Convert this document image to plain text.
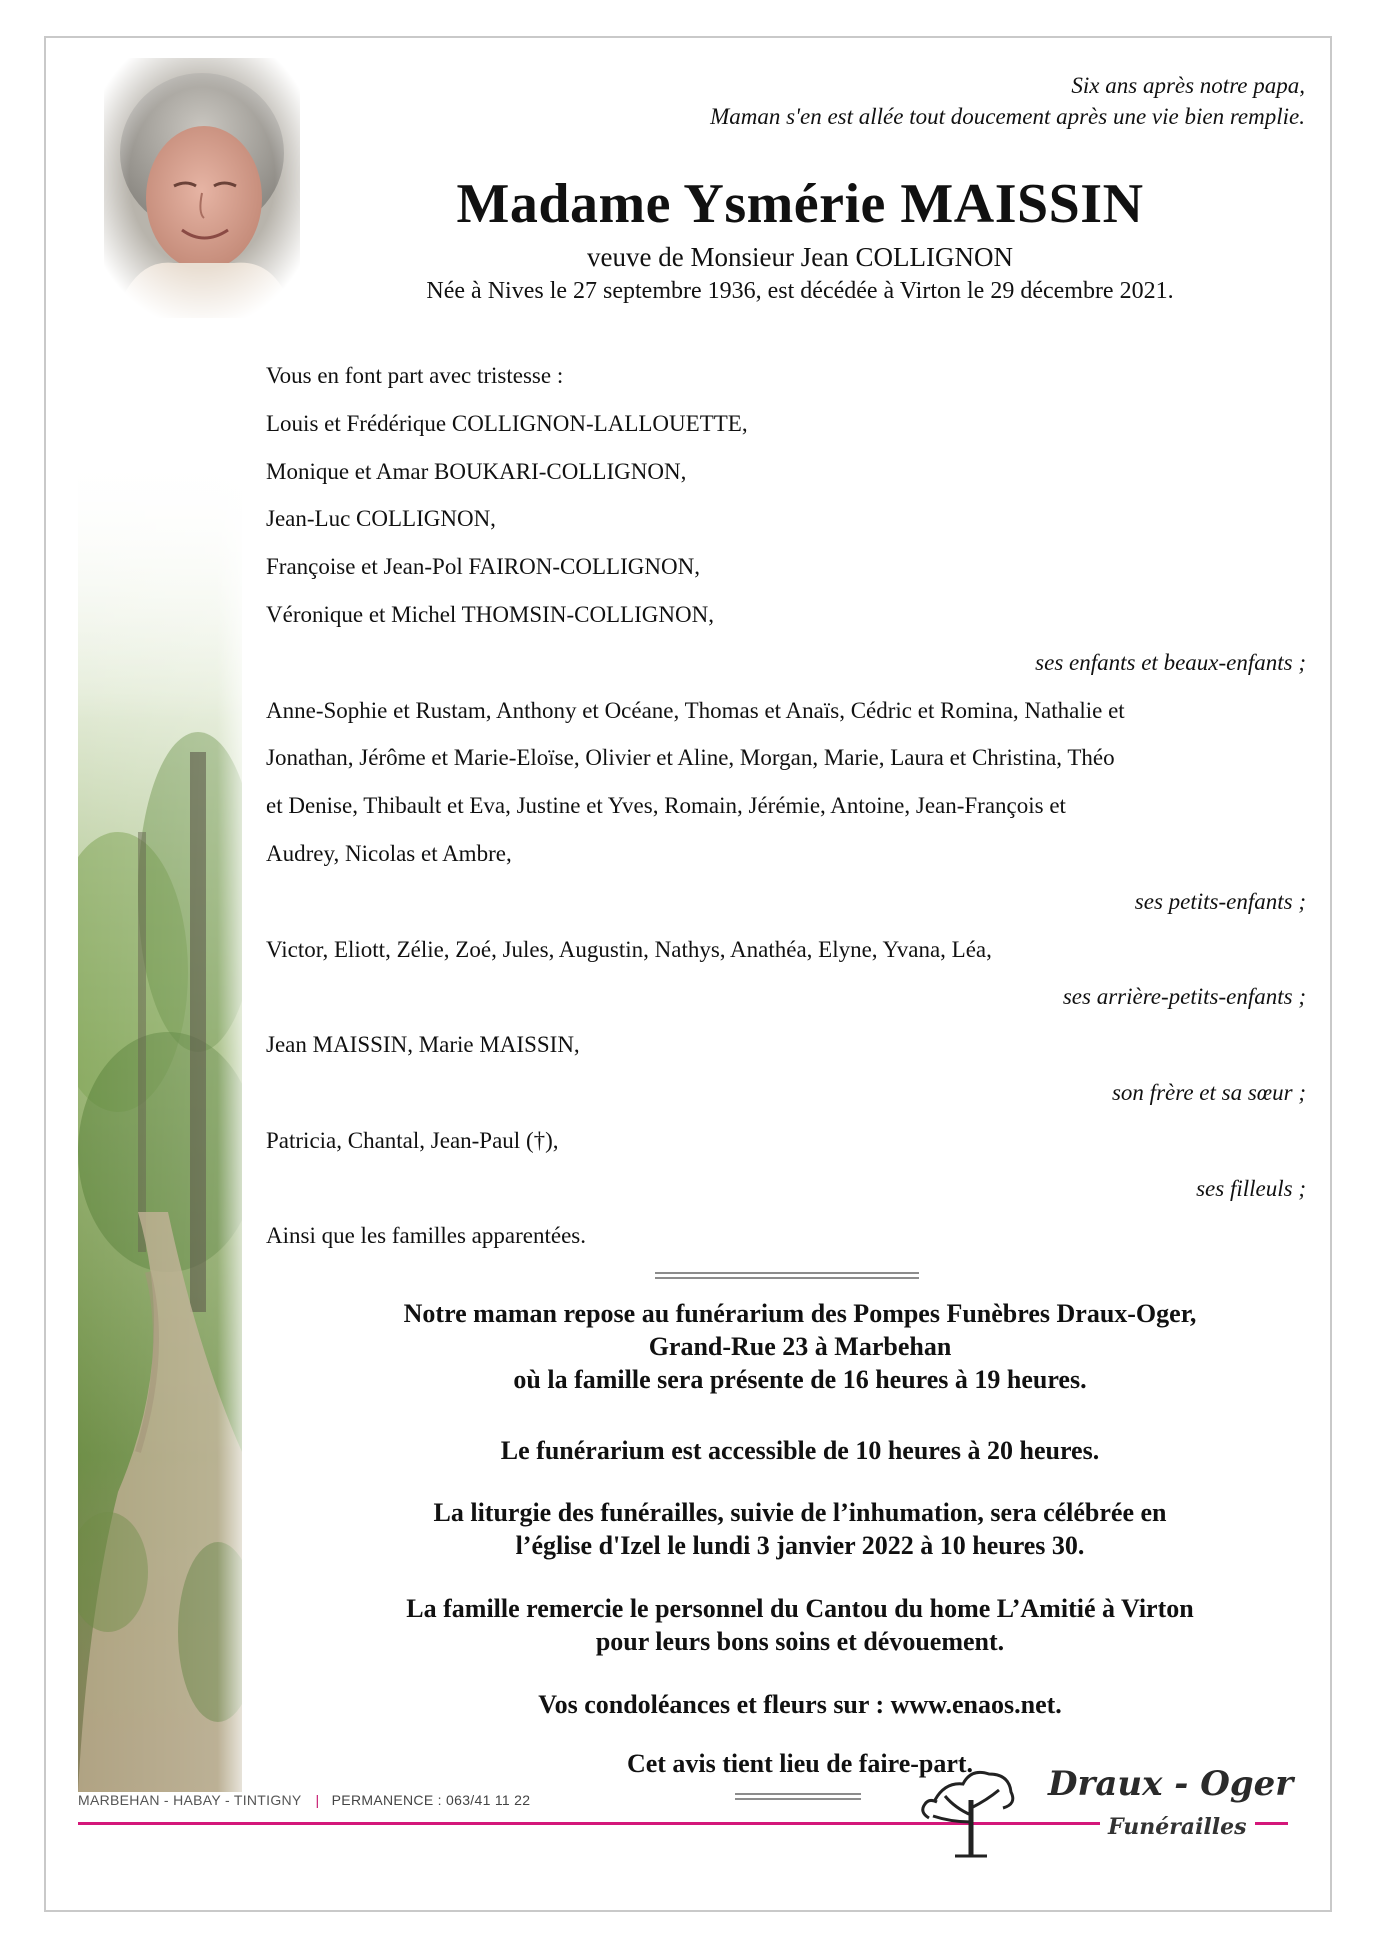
Six ans après notre papa,
Maman s'en est allée tout doucement après une vie bien remplie.
Madame Ysmérie MAISSIN
veuve de Monsieur Jean COLLIGNON
Née à Nives le 27 septembre 1936, est décédée à Virton le 29 décembre 2021.
Vous en font part avec tristesse :
Louis et Frédérique COLLIGNON-LALLOUETTE,
Monique et Amar BOUKARI-COLLIGNON,
Jean-Luc COLLIGNON,
Françoise et Jean-Pol FAIRON-COLLIGNON,
Véronique et Michel THOMSIN-COLLIGNON,
ses enfants et beaux-enfants ;
Anne-Sophie et Rustam, Anthony et Océane, Thomas et Anaïs, Cédric et Romina, Nathalie et
Jonathan, Jérôme et Marie-Eloïse, Olivier et Aline, Morgan, Marie, Laura et Christina, Théo
et Denise, Thibault et Eva, Justine et Yves, Romain, Jérémie, Antoine, Jean-François et
Audrey, Nicolas et Ambre,
ses petits-enfants ;
Victor, Eliott, Zélie, Zoé, Jules, Augustin, Nathys, Anathéa, Elyne, Yvana, Léa,
ses arrière-petits-enfants ;
Jean MAISSIN, Marie MAISSIN,
son frère et sa sœur ;
Patricia, Chantal, Jean-Paul (†),
ses filleuls ;
Ainsi que les familles apparentées.
Notre maman repose au funérarium des Pompes Funèbres Draux-Oger,
Grand-Rue 23 à Marbehan
où la famille sera présente de 16 heures à 19 heures.
Le funérarium est accessible de 10 heures à 20 heures.
La liturgie des funérailles, suivie de l’inhumation, sera célébrée en
l’église d'Izel le lundi 3 janvier 2022 à 10 heures 30.
La famille remercie le personnel du Cantou du home L’Amitié à Virton
pour leurs bons soins et dévouement.
Vos condoléances et fleurs sur : www.enaos.net.
Cet avis tient lieu de faire-part.
MARBEHAN - HABAY - TINTIGNY | PERMANENCE : 063/41 11 22	Draux - Oger
Funérailles
